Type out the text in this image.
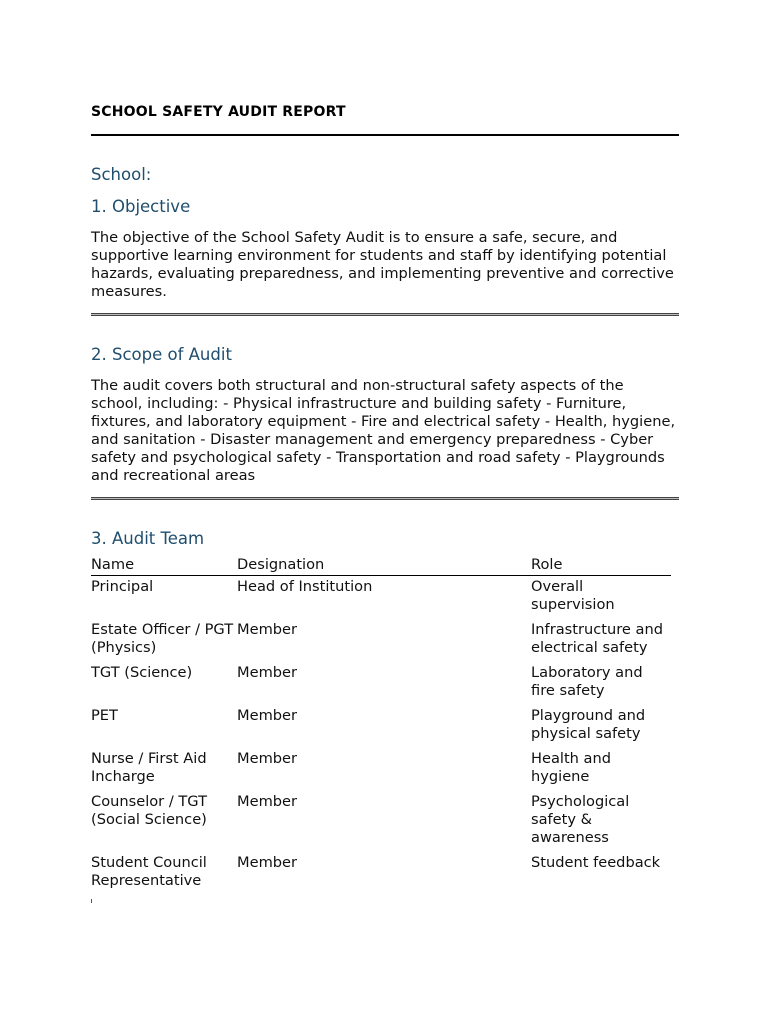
SCHOOL SAFETY AUDIT REPORT
School:
1. Objective
The objective of the School Safety Audit is to ensure a safe, secure, and supportive learning environment for students and staff by identifying potential hazards, evaluating preparedness, and implementing preventive and corrective measures.
2. Scope of Audit
The audit covers both structural and non-structural safety aspects of the school, including: - Physical infrastructure and building safety - Furniture, fixtures, and laboratory equipment - Fire and electrical safety - Health, hygiene, and sanitation - Disaster management and emergency preparedness - Cyber safety and psychological safety - Transportation and road safety - Playgrounds and recreational areas
3. Audit Team
Name	Designation	Role
Principal	Head of Institution	Overall supervision
Estate Officer / PGT (Physics)	Member	Infrastructure and electrical safety
TGT (Science)	Member	Laboratory and fire safety
PET	Member	Playground and physical safety
Nurse / First Aid Incharge	Member	Health and hygiene
Counselor / TGT (Social Science)	Member	Psychological safety & awareness
Student Council Representative	Member	Student feedback
